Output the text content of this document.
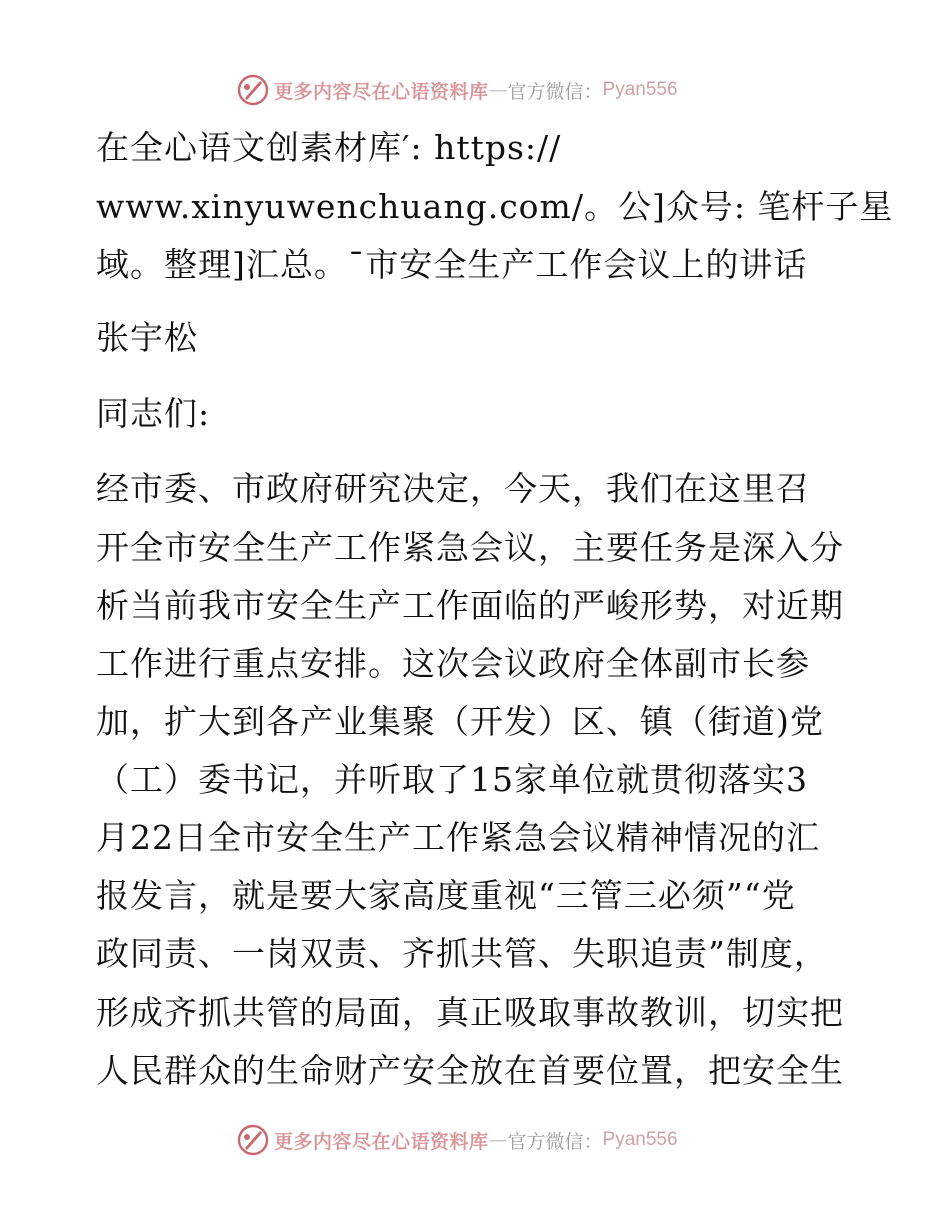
更多内容尽在心语资料库 — 官方微信： Pyan556
在全心语文创素材库′: https://
www.xinyuwenchuang.com/。公]众号: 笔杆子星
域。整理]汇总。¯市安全生产工作会议上的讲话
张宇松
同志们:
经市委、市政府研究决定，今天，我们在这里召
开全市安全生产工作紧急会议，主要任务是深入分
析当前我市安全生产工作面临的严峻形势，对近期
工作进行重点安排。这次会议政府全体副市长参
加，扩大到各产业集聚（开发）区、镇（街道)党
（工）委书记，并听取了15家单位就贯彻落实3
月22日全市安全生产工作紧急会议精神情况的汇
报发言，就是要大家高度重视“三管三必须”“党
政同责、一岗双责、齐抓共管、失职追责”制度，
形成齐抓共管的局面，真正吸取事故教训，切实把
人民群众的生命财产安全放在首要位置，把安全生
更多内容尽在心语资料库 — 官方微信： Pyan556
